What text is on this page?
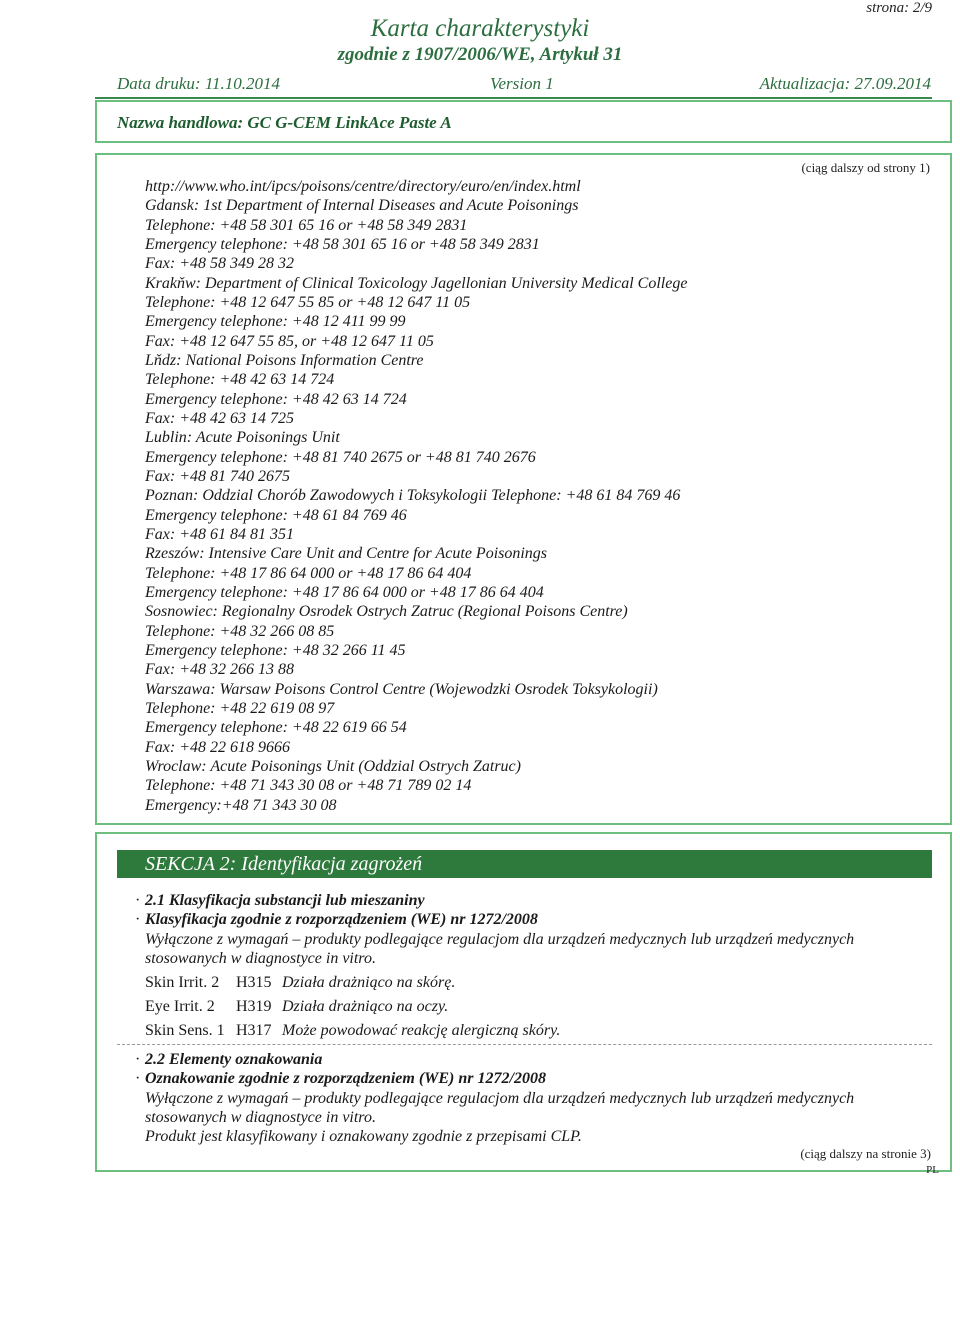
strona: 2/9
Karta charakterystyki
zgodnie z 1907/2006/WE, Artykuł 31
Data druku: 11.10.2014	Version 1	Aktualizacja: 27.09.2014
Nazwa handlowa: GC G-CEM LinkAce Paste A
(ciąg dalszy od strony 1)
http://www.who.int/ipcs/poisons/centre/directory/euro/en/index.html
Gdansk: 1st Department of Internal Diseases and Acute Poisonings
Telephone: +48 58 301 65 16 or +48 58 349 2831
Emergency telephone: +48 58 301 65 16 or +48 58 349 2831
Fax: +48 58 349 28 32
Krakňw: Department of Clinical Toxicology Jagellonian University Medical College
Telephone: +48 12 647 55 85 or +48 12 647 11 05
Emergency telephone: +48 12 411 99 99
Fax: +48 12 647 55 85, or +48 12 647 11 05
Lňdz: National Poisons Information Centre
Telephone: +48 42 63 14 724
Emergency telephone: +48 42 63 14 724
Fax: +48 42 63 14 725
Lublin: Acute Poisonings Unit
Emergency telephone: +48 81 740 2675 or +48 81 740 2676
Fax: +48 81 740 2675
Poznan: Oddzial Chorób Zawodowych i Toksykologii Telephone: +48 61 84 769 46
Emergency telephone: +48 61 84 769 46
Fax: +48 61 84 81 351
Rzeszów: Intensive Care Unit and Centre for Acute Poisonings
Telephone: +48 17 86 64 000 or +48 17 86 64 404
Emergency telephone: +48 17 86 64 000 or +48 17 86 64 404
Sosnowiec: Regionalny Osrodek Ostrych Zatruc (Regional Poisons Centre)
Telephone: +48 32 266 08 85
Emergency telephone: +48 32 266 11 45
Fax: +48 32 266 13 88
Warszawa: Warsaw Poisons Control Centre (Wojewodzki Osrodek Toksykologii)
Telephone: +48 22 619 08 97
Emergency telephone: +48 22 619 66 54
Fax: +48 22 618 9666
Wroclaw: Acute Poisonings Unit (Oddzial Ostrych Zatruc)
Telephone: +48 71 343 30 08 or +48 71 789 02 14
Emergency:+48 71 343 30 08
SEKCJA 2: Identyfikacja zagrożeń
· 2.1 Klasyfikacja substancji lub mieszaniny
· Klasyfikacja zgodnie z rozporządzeniem (WE) nr 1272/2008
Wyłączone z wymagań – produkty podlegające regulacjom dla urządzeń medycznych lub urządzeń medycznych
stosowanych w diagnostyce in vitro.
Skin Irrit. 2 H315 Działa drażniąco na skórę.
Eye Irrit. 2 H319 Działa drażniąco na oczy.
Skin Sens. 1 H317 Może powodować reakcję alergiczną skóry.
· 2.2 Elementy oznakowania
· Oznakowanie zgodnie z rozporządzeniem (WE) nr 1272/2008
Wyłączone z wymagań – produkty podlegające regulacjom dla urządzeń medycznych lub urządzeń medycznych
stosowanych w diagnostyce in vitro.
Produkt jest klasyfikowany i oznakowany zgodnie z przepisami CLP.
(ciąg dalszy na stronie 3)
PL
